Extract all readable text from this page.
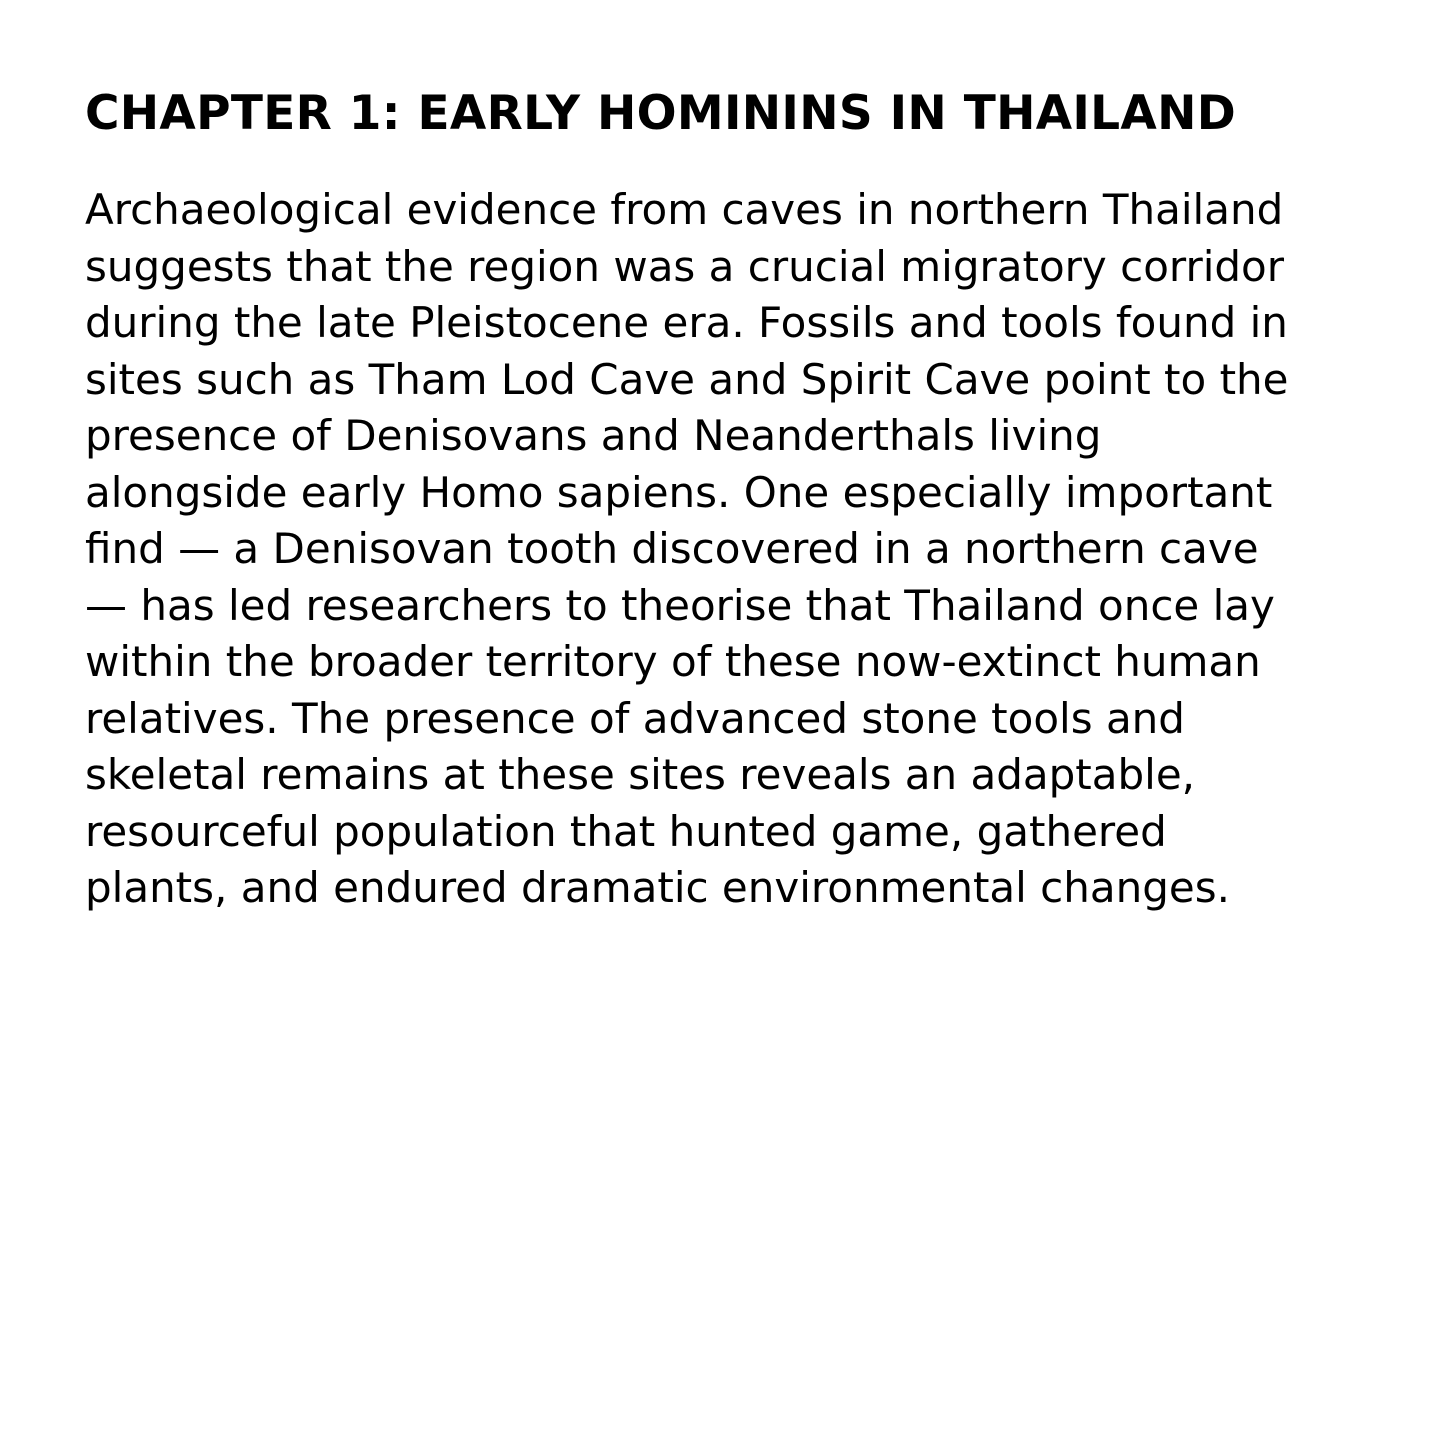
CHAPTER 1: EARLY HOMININS IN THAILAND

Archaeological evidence from caves in northern Thailand
suggests that the region was a crucial migratory corridor
during the late Pleistocene era. Fossils and tools found in
sites such as Tham Lod Cave and Spirit Cave point to the
presence of Denisovans and Neanderthals living
alongside early Homo sapiens. One especially important
find — a Denisovan tooth discovered in a northern cave
— has led researchers to theorise that Thailand once lay
within the broader territory of these now-extinct human
relatives. The presence of advanced stone tools and
skeletal remains at these sites reveals an adaptable,
resourceful population that hunted game, gathered
plants, and endured dramatic environmental changes.
